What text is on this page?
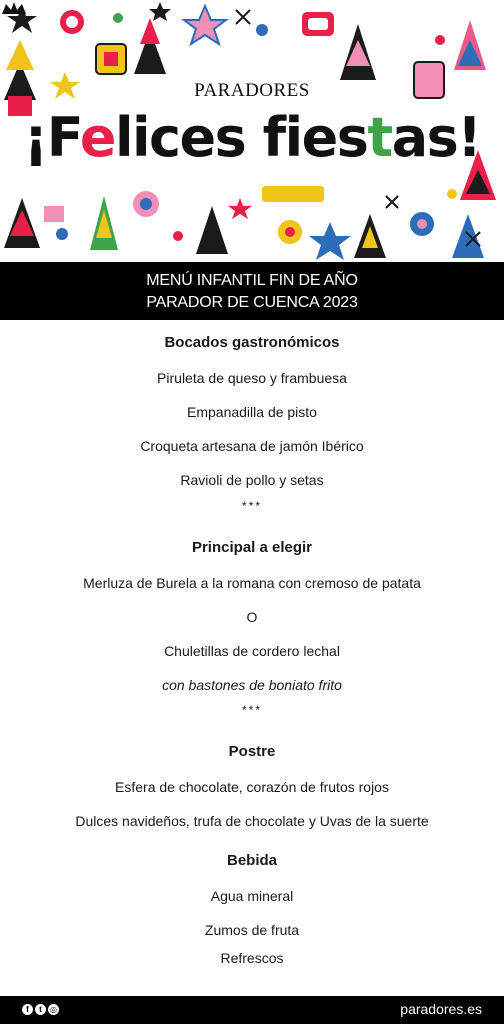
PARADORES
¡Felices fiestas!
MENÚ INFANTIL FIN DE AÑO
PARADOR DE CUENCA 2023
Bocados gastronómicos
Piruleta de queso y frambuesa
Empanadilla de pisto
Croqueta artesana de jamón Ibérico
Ravioli de pollo y setas
***
Principal a elegir
Merluza de Burela a la romana con cremoso de patata
O
Chuletillas de cordero lechal
con bastones de boniato frito
***
Postre
Esfera de chocolate, corazón de frutos rojos
Dulces navideños, trufa de chocolate y Uvas de la suerte
Bebida
Agua mineral
Zumos de fruta
Refrescos
f	t	◎	paradores.es
